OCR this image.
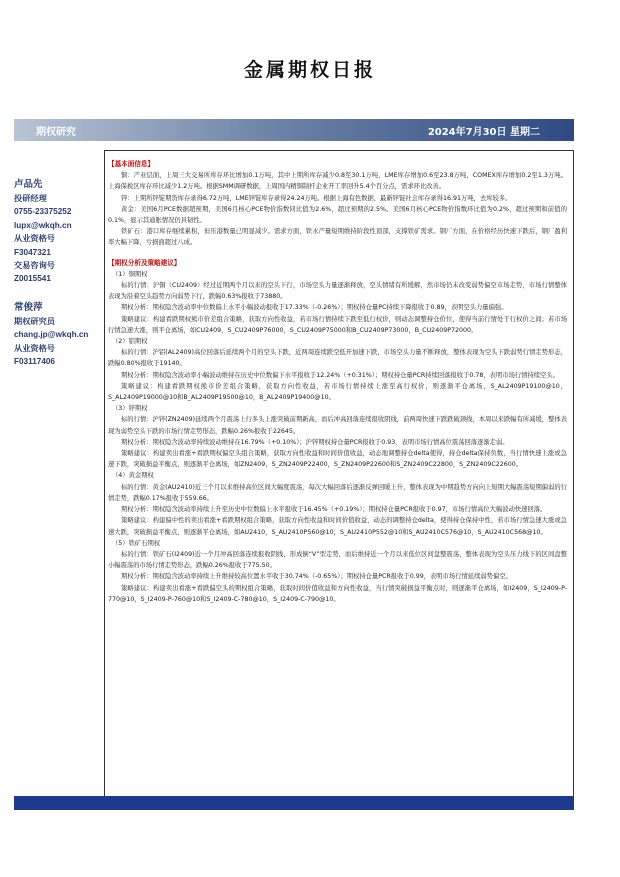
金属期权日报
期权研究	2024年7月30日 星期二
卢品先
投研经理
0755-23375252
lupx@wkqh.cn
从业资格号
F3047321
交易咨询号
Z0015541
常俊萍
期权研究员
chang.jp@wkqh.cn
从业资格号
F03117406
【基本面信息】
铜：产业层面，上周三大交易所库存环比增加0.1万吨，其中上期所库存减少0.8至30.1万吨，LME库存增加0.6至23.8万吨，COMEX库存增加0.2至1.3万吨。上海保税区库存环比减少1.2万吨。根据SMM调研数据，上周国内精铜制杆企业开工率回升5.4个百分点，需求环比改善。
锌：上期所锌锭期货库存录得6.72万吨，LME锌锭库存录得24.24万吨。根据上海有色数据，最新锌锭社会库存录得16.91万吨，去库较多。
黄金：美国6月PCE数据超预期，美国6月核心PCE物价指数同比值为2.6%，超过预期的2.5%。美国6月核心PCE物价指数环比值为0.2%，超过预期和前值的0.1%，显示其通胀情况仍具韧性。
铁矿石：港口库存继续累积，但压港数量已明显减少。需求方面，铁水产量短期维持阶段性顶部，支撑铁矿需求。钢厂方面，在价格经历快速下跌后，钢厂盈利率大幅下降，亏损面超过八成。
【期权分析及策略建议】
（1）铜期权
标的行情：沪铜（CU2409）经过近期两个月以来的空头下行，市场空头力量逐渐释放，空头情绪有所缓解，然市场仍未改变弱势偏空市场走势，市场行情整体表现为沿着空头趋势方向弱势下行，跌幅0.63%报收于73880。
期权分析：期权隐含波动率中位数偏上水平小幅波动报收于17.33%（-0.26%）；期权持仓量PC持续下降报收于0.89，表明空头力量偏强。
策略建议：构建看跌期权熊市价差组合策略，获取方向性收益，若市场行情持续下跌至低行权价，则动态调整持仓价位，使得当前行情处于行权价之间；若市场行情急速大涨，则平仓离场，如CU2409，S_CU2409P76000，S_CU2409P75000和B_CU2409P73000，B_CU2409P72000。
（2）铝期权
标的行情：沪铝(AL2409)高位回落后延续两个月的空头下跌，近两周连续跌空低开加速下跌，市场空头力量不断释放，整体表现为空头下跌弱势行情走势形态，跌幅0.80%报收于19140。
期权分析：期权隐含波动率小幅波动维持在历史中位数偏下水平报收于12.24%（+0.31%）；期权持仓量PCR持续回落报收于0.78，表明市场行情持续空头。
策略建议：构建看跌期权熊市价差组合策略，获取方向性收益，若市场行情持续上涨至高行权价，则逐渐平仓离场，S_AL2409P19100@10，S_AL2409P19000@10和B_AL2409P19500@10，B_AL2409P19400@10。
（3）锌期权
标的行情：沪锌(ZN2409)延续两个月震荡上行多头上涨突破前期新高，而后冲高回落连续报收阴线，前两周快速下跌跌破颈线，本周以来跌幅有所减缓，整体表现为弱势空头下跌的市场行情走势形态，跌幅0.26%报收于22645。
期权分析：期权隐含波动率持续波动维持在16.79%（+0.10%）；沪锌期权持仓量PCR报收于0.93，表明市场行情高位震荡回落逐渐走弱。
策略建议：构建卖出看涨+看跌期权偏空头组合策略，获取方向性收益和时间价值收益，动态地调整持仓delta使得，持仓delta保持负数，当行情快速上涨或急速下跌，突破损益平衡点，则逐渐平仓离场，如ZN2409，S_ZN2409P22400，S_ZN2409P22600和S_ZN2409C22800，S_ZN2409C22600。
（4）黄金期权
标的行情：黄金(AU2410)近三个月以来维持高位区间大幅度震荡，每次大幅回落后逐渐反弹回暖上升，整体表现为中期趋势方向向上短期大幅震荡短期偏弱的行情走势，跌幅0.17%报收于559.66。
期权分析：期权隐含波动率持续上升至历史中位数偏上水平报收于16.45%（+0.19%）；期权持仓量PCR报收于0.97，市场行情高位大幅波动快速回落。
策略建议：构建偏中性的卖出看涨+看跌期权组合策略，获取方向性收益和时间价值收益，动态的调整持仓delta，使得持仓保持中性，若市场行情急速大涨或急速大跌，突破损益平衡点，则逐渐平仓离场，如AU2410，S_AU2410P560@10，S_AU2410P552@10和S_AU2410C576@10，S_AU2410C568@10。
（5）铁矿石期权
标的行情：铁矿石(I2409)近一个月冲高回落连续报收阴线，形成倒“V”型走势，而后维持近一个月以来低位区间盘整震荡，整体表现为空头压力线下的区间盘整小幅震荡的市场行情走势形态，跌幅0.26%报收于775.50。
期权分析：期权隐含波动率持续上升维持较高位置水平收于30.74%（-0.65%）；期权持仓量PCR报收于0.99，表明市场行情延续弱势偏空。
策略建议：构建卖出看涨+看跌偏空头的期权组合策略，获取时间价值收益和方向性收益，当行情突破损益平衡点时，则逐渐平仓离场，如I2409，S_I2409-P-770@10，S_I2409-P-760@10和S_I2409-C-780@10，S_I2409-C-790@10。
